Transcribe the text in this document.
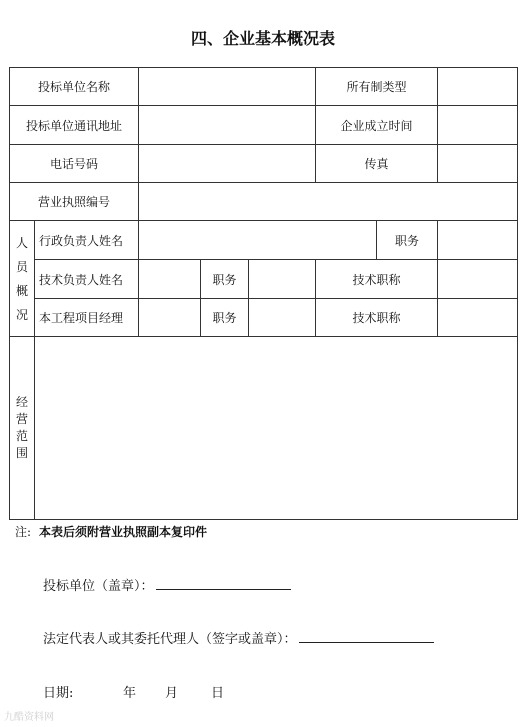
四、企业基本概况表
投标单位名称					所有制类型		
投标单位通讯地址					企业成立时间		
电话号码					传真		
营业执照编号							
人员概况	行政负责人姓名					职务	
	技术负责人姓名		职务		技术职称		
	本工程项目经理		职务		技术职称		
经营范围							
注: 本表后须附营业执照副本复印件
投标单位（盖章）：
法定代表人或其委托代理人（签字或盖章）：
日期:	年 月	日
九酷资料网
